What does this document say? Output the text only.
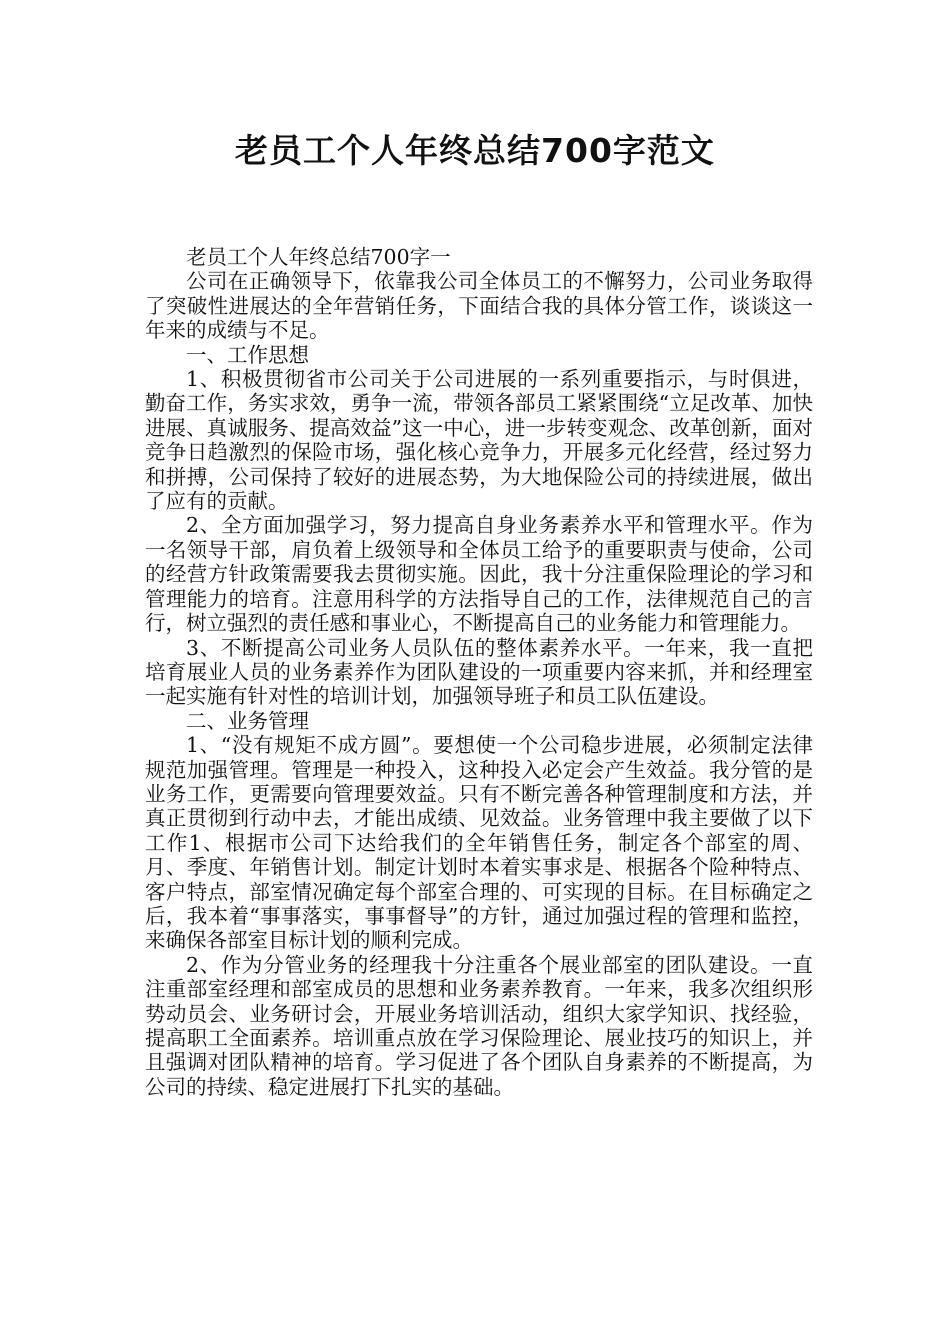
老员工个人年终总结700字范文

老员工个人年终总结700字一

公司在正确领导下，依靠我公司全体员工的不懈努力，公司业务取得了突破性进展达的全年营销任务，下面结合我的具体分管工作，谈谈这一年来的成绩与不足。

一、工作思想

1、积极贯彻省市公司关于公司进展的一系列重要指示，与时俱进，勤奋工作，务实求效，勇争一流，带领各部员工紧紧围绕“立足改革、加快进展、真诚服务、提高效益”这一中心，进一步转变观念、改革创新，面对竞争日趋激烈的保险市场，强化核心竞争力，开展多元化经营，经过努力和拼搏，公司保持了较好的进展态势，为大地保险公司的持续进展，做出了应有的贡献。

2、全方面加强学习，努力提高自身业务素养水平和管理水平。作为一名领导干部，肩负着上级领导和全体员工给予的重要职责与使命，公司的经营方针政策需要我去贯彻实施。因此，我十分注重保险理论的学习和管理能力的培育。注意用科学的方法指导自己的工作，法律规范自己的言行，树立强烈的责任感和事业心，不断提高自己的业务能力和管理能力。

3、不断提高公司业务人员队伍的整体素养水平。一年来，我一直把培育展业人员的业务素养作为团队建设的一项重要内容来抓，并和经理室一起实施有针对性的培训计划，加强领导班子和员工队伍建设。

二、业务管理

1、“没有规矩不成方圆”。要想使一个公司稳步进展，必须制定法律规范加强管理。管理是一种投入，这种投入必定会产生效益。我分管的是业务工作，更需要向管理要效益。只有不断完善各种管理制度和方法，并真正贯彻到行动中去，才能出成绩、见效益。业务管理中我主要做了以下工作1、根据市公司下达给我们的全年销售任务，制定各个部室的周、月、季度、年销售计划。制定计划时本着实事求是、根据各个险种特点、客户特点，部室情况确定每个部室合理的、可实现的目标。在目标确定之后，我本着“事事落实，事事督导”的方针，通过加强过程的管理和监控，来确保各部室目标计划的顺利完成。

2、作为分管业务的经理我十分注重各个展业部室的团队建设。一直注重部室经理和部室成员的思想和业务素养教育。一年来，我多次组织形势动员会、业务研讨会，开展业务培训活动，组织大家学知识、找经验，提高职工全面素养。培训重点放在学习保险理论、展业技巧的知识上，并且强调对团队精神的培育。学习促进了各个团队自身素养的不断提高，为公司的持续、稳定进展打下扎实的基础。
